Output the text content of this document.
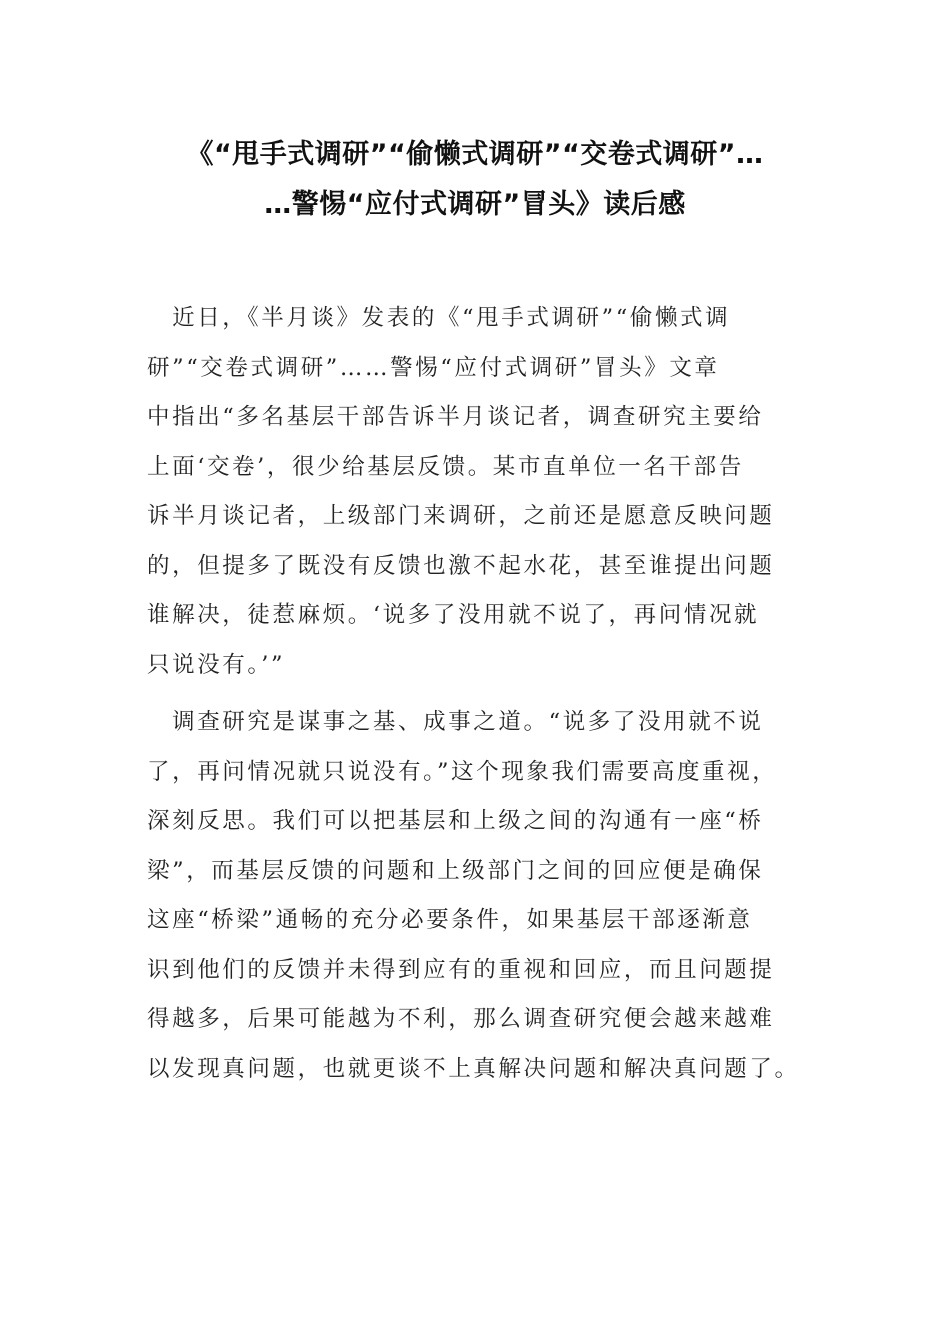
《“甩手式调研”“偷懒式调研”“交卷式调研”…
…警惕“应付式调研”冒头》读后感

　近日，《半月谈》发表的《“甩手式调研”“偷懒式调
研”“交卷式调研”……警惕“应付式调研”冒头》文章
中指出“多名基层干部告诉半月谈记者，调查研究主要给
上面‘交卷’，很少给基层反馈。某市直单位一名干部告
诉半月谈记者，上级部门来调研，之前还是愿意反映问题
的，但提多了既没有反馈也激不起水花，甚至谁提出问题
谁解决，徒惹麻烦。‘说多了没用就不说了，再问情况就
只说没有。’”

　调查研究是谋事之基、成事之道。“说多了没用就不说
了，再问情况就只说没有。”这个现象我们需要高度重视，
深刻反思。我们可以把基层和上级之间的沟通有一座“桥
梁”，而基层反馈的问题和上级部门之间的回应便是确保
这座“桥梁”通畅的充分必要条件，如果基层干部逐渐意
识到他们的反馈并未得到应有的重视和回应，而且问题提
得越多，后果可能越为不利，那么调查研究便会越来越难
以发现真问题，也就更谈不上真解决问题和解决真问题了。
